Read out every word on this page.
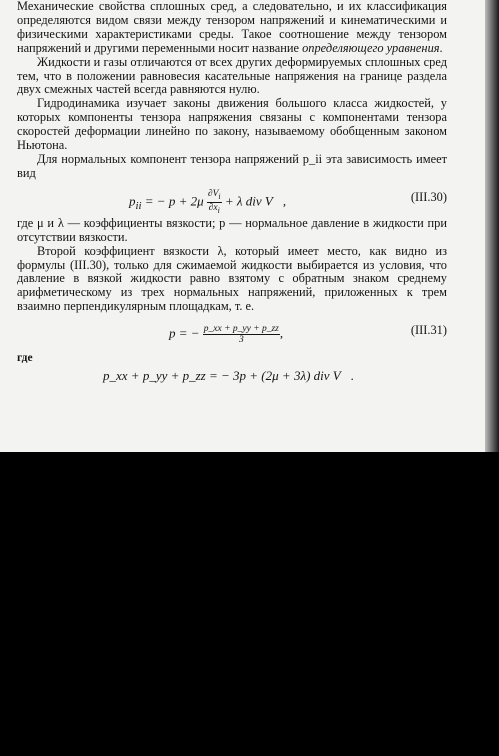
Механические свойства сплошных сред, а следовательно, и их классификация определяются видом связи между тензором напряжений и кинематическими и физическими характеристиками среды. Такое соотношение между тензором напряжений и другими переменными носит название определяющего уравнения.

Жидкости и газы отличаются от всех других деформируемых сплошных сред тем, что в положении равновесия касательные напряжения на границе раздела двух смежных частей всегда равняются нулю.

Гидродинамика изучает законы движения большого класса жидкостей, у которых компоненты тензора напряжения связаны с компонентами тензора скоростей деформации линейно по закону, называемому обобщенным законом Ньютона.

Для нормальных компонент тензора напряжений p_ii эта зависимость имеет вид

$p_{ii}$ = − $p + 2\mu \frac{\partial V_i}{\partial x_i} + \lambda$ div V⃗,	(III.30)

где μ и λ — коэффициенты вязкости; p — нормальное давление в жидкости при отсутствии вязкости.

Второй коэффициент вязкости λ, который имеет место, как видно из формулы (III.30), только для сжимаемой жидкости выбирается из условия, что давление в вязкой жидкости равно взятому с обратным знаком среднему арифметическому из трех нормальных напряжений, приложенных к трем взаимно перпендикулярным площадкам, т. е.

p = − $\frac{p\_xx + p\_yy + p\_zz}{3}$ ,	(III.31)
где
p_xx + p_yy + p_zz = − 3p + (2μ + 3λ) div V⃗.
